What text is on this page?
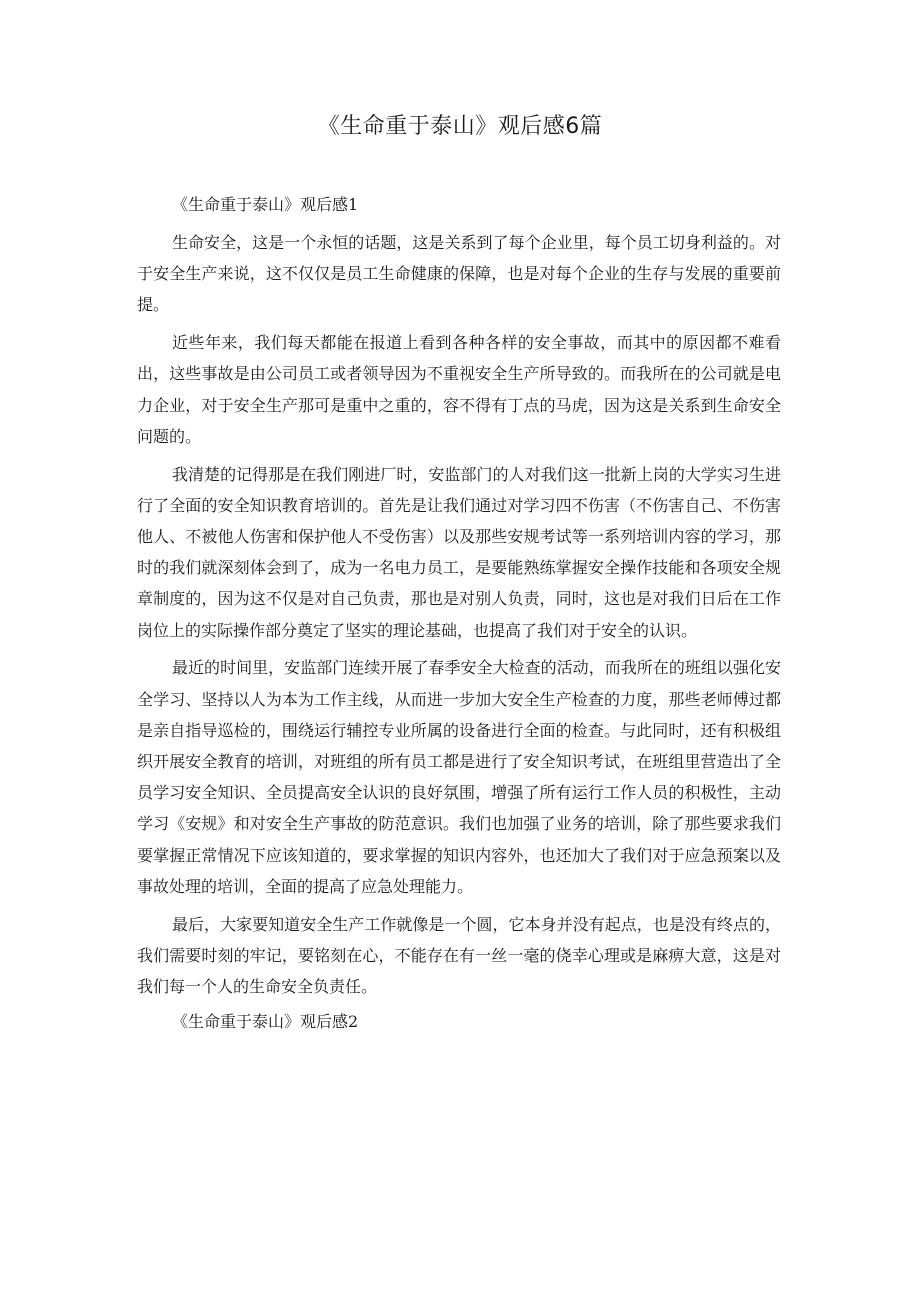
《生命重于泰山》观后感6篇
《生命重于泰山》观后感1

生命安全，这是一个永恒的话题，这是关系到了每个企业里，每个员工切身利益的。对于安全生产来说，这不仅仅是员工生命健康的保障，也是对每个企业的生存与发展的重要前提。

近些年来，我们每天都能在报道上看到各种各样的安全事故，而其中的原因都不难看出，这些事故是由公司员工或者领导因为不重视安全生产所导致的。而我所在的公司就是电力企业，对于安全生产那可是重中之重的，容不得有丁点的马虎，因为这是关系到生命安全问题的。

我清楚的记得那是在我们刚进厂时，安监部门的人对我们这一批新上岗的大学实习生进行了全面的安全知识教育培训的。首先是让我们通过对学习四不伤害（不伤害自己、不伤害他人、不被他人伤害和保护他人不受伤害）以及那些安规考试等一系列培训内容的学习，那时的我们就深刻体会到了，成为一名电力员工，是要能熟练掌握安全操作技能和各项安全规章制度的，因为这不仅是对自己负责，那也是对别人负责，同时，这也是对我们日后在工作岗位上的实际操作部分奠定了坚实的理论基础，也提高了我们对于安全的认识。

最近的时间里，安监部门连续开展了春季安全大检查的活动，而我所在的班组以强化安全学习、坚持以人为本为工作主线，从而进一步加大安全生产检查的力度，那些老师傅过都是亲自指导巡检的，围绕运行辅控专业所属的设备进行全面的检查。与此同时，还有积极组织开展安全教育的培训，对班组的所有员工都是进行了安全知识考试，在班组里营造出了全员学习安全知识、全员提高安全认识的良好氛围，增强了所有运行工作人员的积极性，主动学习《安规》和对安全生产事故的防范意识。我们也加强了业务的培训，除了那些要求我们要掌握正常情况下应该知道的，要求掌握的知识内容外，也还加大了我们对于应急预案以及事故处理的培训，全面的提高了应急处理能力。

最后，大家要知道安全生产工作就像是一个圆，它本身并没有起点，也是没有终点的，我们需要时刻的牢记，要铭刻在心，不能存在有一丝一毫的侥幸心理或是麻痹大意，这是对我们每一个人的生命安全负责任。

《生命重于泰山》观后感2
